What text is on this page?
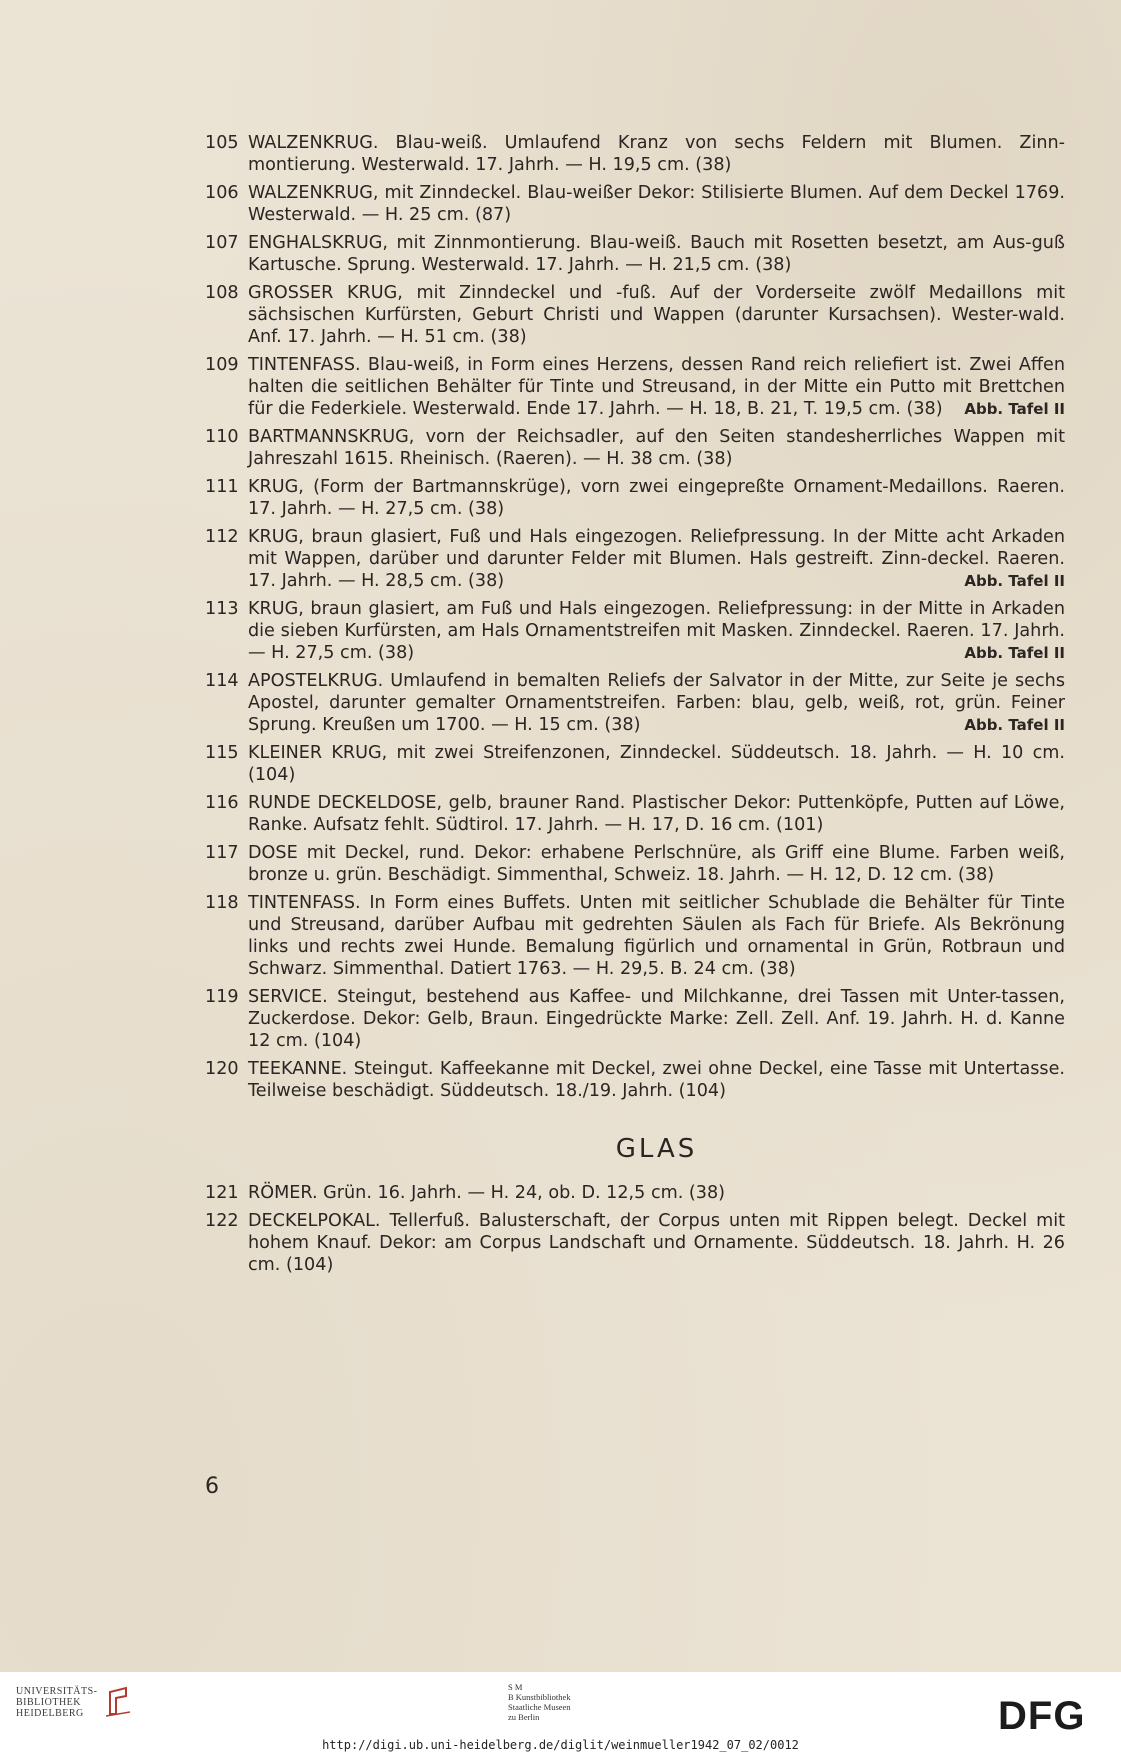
105 WALZENKRUG. Blau-weiß. Umlaufend Kranz von sechs Feldern mit Blumen. Zinn-montierung. Westerwald. 17. Jahrh. — H. 19,5 cm. (38)
106 WALZENKRUG, mit Zinndeckel. Blau-weißer Dekor: Stilisierte Blumen. Auf dem Deckel 1769. Westerwald. — H. 25 cm. (87)
107 ENGHALSKRUG, mit Zinnmontierung. Blau-weiß. Bauch mit Rosetten besetzt, am Aus-guß Kartusche. Sprung. Westerwald. 17. Jahrh. — H. 21,5 cm. (38)
108 GROSSER KRUG, mit Zinndeckel und -fuß. Auf der Vorderseite zwölf Medaillons mit sächsischen Kurfürsten, Geburt Christi und Wappen (darunter Kursachsen). Wester-wald. Anf. 17. Jahrh. — H. 51 cm. (38)
109 TINTENFASS. Blau-weiß, in Form eines Herzens, dessen Rand reich reliefiert ist. Zwei Affen halten die seitlichen Behälter für Tinte und Streusand, in der Mitte ein Putto mit Brettchen für die Federkiele. Westerwald. Ende 17. Jahrh. — H. 18, B. 21, T. 19,5 cm. (38) Abb. Tafel II
110 BARTMANNSKRUG, vorn der Reichsadler, auf den Seiten standesherrliches Wappen mit Jahreszahl 1615. Rheinisch. (Raeren). — H. 38 cm. (38)
111 KRUG, (Form der Bartmannskrüge), vorn zwei eingepreßte Ornament-Medaillons. Raeren. 17. Jahrh. — H. 27,5 cm. (38)
112 KRUG, braun glasiert, Fuß und Hals eingezogen. Reliefpressung. In der Mitte acht Arkaden mit Wappen, darüber und darunter Felder mit Blumen. Hals gestreift. Zinn-deckel. Raeren. 17. Jahrh. — H. 28,5 cm. (38)	Abb. Tafel II
113 KRUG, braun glasiert, am Fuß und Hals eingezogen. Reliefpressung: in der Mitte in Arkaden die sieben Kurfürsten, am Hals Ornamentstreifen mit Masken. Zinndeckel. Raeren. 17. Jahrh. — H. 27,5 cm. (38)	Abb. Tafel II
114 APOSTELKRUG. Umlaufend in bemalten Reliefs der Salvator in der Mitte, zur Seite je sechs Apostel, darunter gemalter Ornamentstreifen. Farben: blau, gelb, weiß, rot, grün. Feiner Sprung. Kreußen um 1700. — H. 15 cm. (38)	Abb. Tafel II
115 KLEINER KRUG, mit zwei Streifenzonen, Zinndeckel. Süddeutsch. 18. Jahrh. — H. 10 cm. (104)
116 RUNDE DECKELDOSE, gelb, brauner Rand. Plastischer Dekor: Puttenköpfe, Putten auf Löwe, Ranke. Aufsatz fehlt. Südtirol. 17. Jahrh. — H. 17, D. 16 cm. (101)
117 DOSE mit Deckel, rund. Dekor: erhabene Perlschnüre, als Griff eine Blume. Farben weiß, bronze u. grün. Beschädigt. Simmenthal, Schweiz. 18. Jahrh. — H. 12, D. 12 cm. (38)
118 TINTENFASS. In Form eines Buffets. Unten mit seitlicher Schublade die Behälter für Tinte und Streusand, darüber Aufbau mit gedrehten Säulen als Fach für Briefe. Als Bekrönung links und rechts zwei Hunde. Bemalung figürlich und ornamental in Grün, Rotbraun und Schwarz. Simmenthal. Datiert 1763. — H. 29,5. B. 24 cm. (38)
119 SERVICE. Steingut, bestehend aus Kaffee- und Milchkanne, drei Tassen mit Unter-tassen, Zuckerdose. Dekor: Gelb, Braun. Eingedrückte Marke: Zell. Zell. Anf. 19. Jahrh. H. d. Kanne 12 cm. (104)
120 TEEKANNE. Steingut. Kaffeekanne mit Deckel, zwei ohne Deckel, eine Tasse mit Untertasse. Teilweise beschädigt. Süddeutsch. 18./19. Jahrh. (104)
GLAS
121 RÖMER. Grün. 16. Jahrh. — H. 24, ob. D. 12,5 cm. (38)
122 DECKELPOKAL. Tellerfuß. Balusterschaft, der Corpus unten mit Rippen belegt. Deckel mit hohem Knauf. Dekor: am Corpus Landschaft und Ornamente. Süddeutsch. 18. Jahrh. H. 26 cm. (104)
6
UNIVERSITÄTS-
BIBLIOTHEK
HEIDELBERG
S M
B Kunstbibliothek
Staatliche Museen
zu Berlin	DFG
http://digi.ub.uni-heidelberg.de/diglit/weinmueller1942_07_02/0012
